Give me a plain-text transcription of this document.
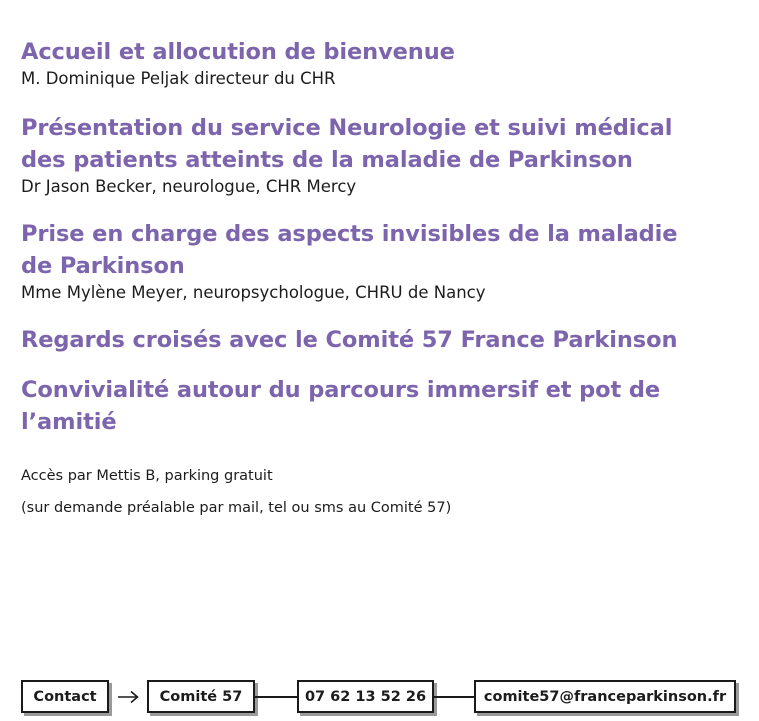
Accueil et allocution de bienvenue

M. Dominique Peljak directeur du CHR

Présentation du service Neurologie et suivi médical

des patients atteints de la maladie de Parkinson

Dr Jason Becker, neurologue, CHR Mercy

Prise en charge des aspects invisibles de la maladie

de Parkinson

Mme Mylène Meyer, neuropsychologue, CHRU de Nancy

Regards croisés avec le Comité 57 France Parkinson

Convivialité autour du parcours immersif et pot de l’amitié

Accès par Mettis B, parking gratuit

(sur demande préalable par mail, tel ou sms au Comité 57)

Contact	Comité 57	07 62 13 52 26	comite57@franceparkinson.fr
